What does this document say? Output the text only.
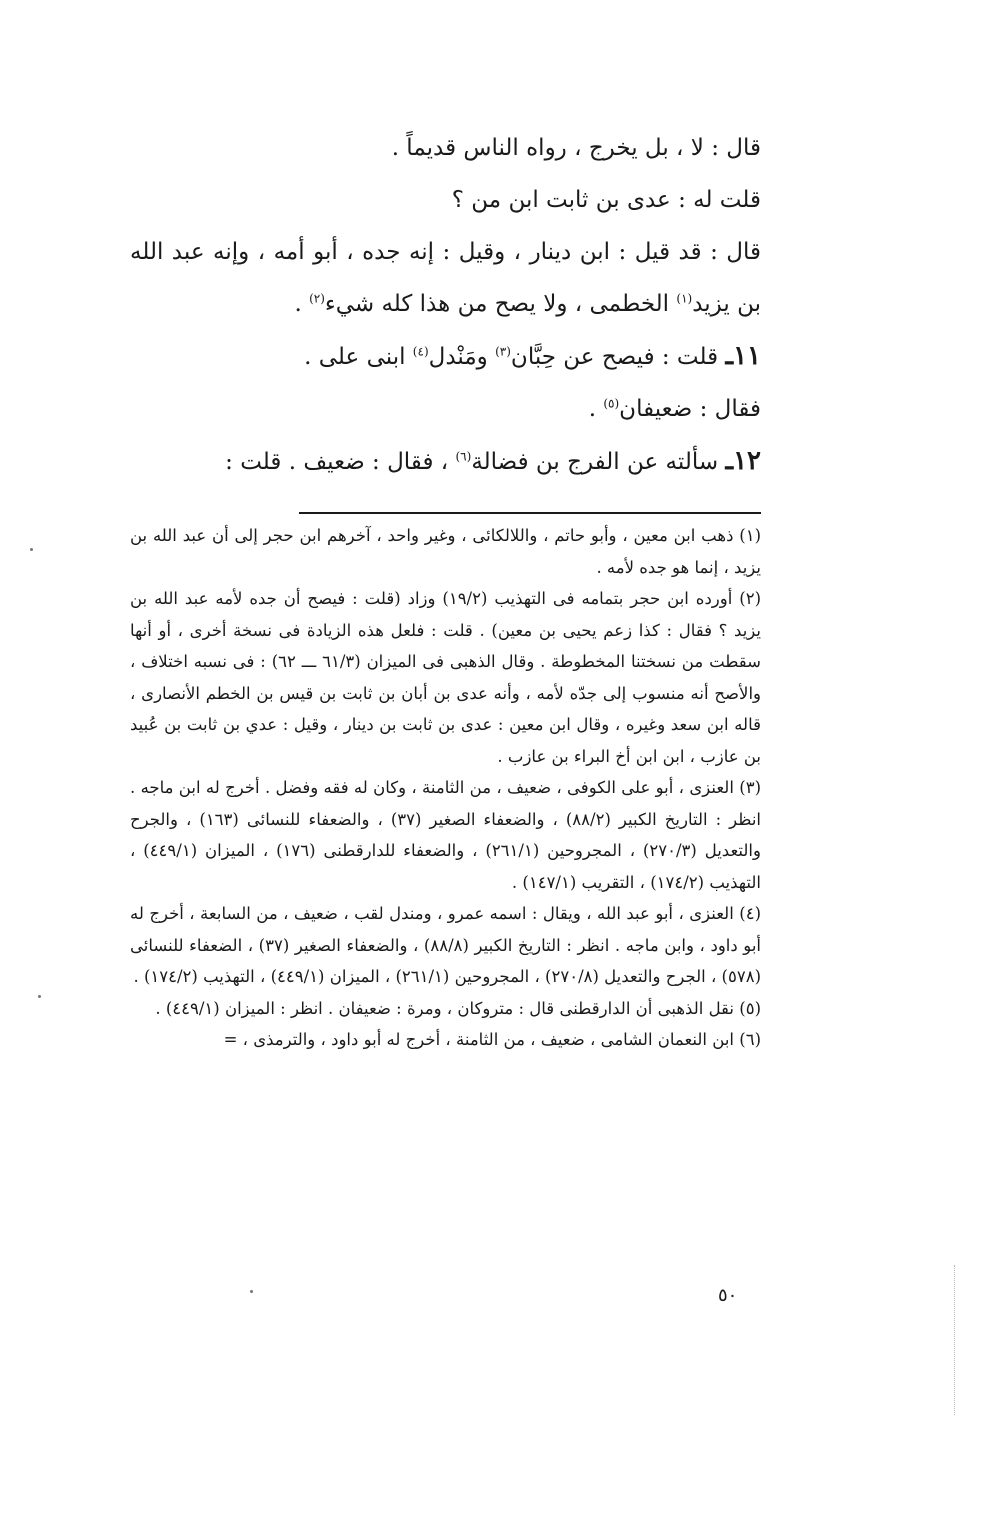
قال : لا ، بل يخرج ، رواه الناس قديماً .

قلت له : عدى بن ثابت ابن من ؟

قال : قد قيل : ابن دينار ، وقيل : إنه جده ، أبو أمه ، وإنه عبد الله بن يزيد$^{(١)}$ الخطمى ، ولا يصح من هذا كله شيء$^{(٢)}$ .

١١ـ قلت : فيصح عن حِبَّان$^{(٣)}$ ومَنْدل$^{(٤)}$ ابنى على .

فقال : ضعيفان$^{(٥)}$ .

١٢ـ سألته عن الفرج بن فضالة$^{(٦)}$ ، فقال : ضعيف . قلت :

(١) ذهب ابن معين ، وأبو حاتم ، واللالكائى ، وغير واحد ، آخرهم ابن حجر إلى أن عبد الله بن يزيد ، إنما هو جده لأمه .

(٢) أورده ابن حجر بتمامه فى التهذيب (١٩/٢) وزاد (قلت : فيصح أن جده لأمه عبد الله بن يزيد ؟ فقال : كذا زعم يحيى بن معين) . قلت : فلعل هذه الزيادة فى نسخة أخرى ، أو أنها سقطت من نسختنا المخطوطة . وقال الذهبى فى الميزان (٦١/٣ ـــ ٦٢) : فى نسبه اختلاف ، والأصح أنه منسوب إلى جدّه لأمه ، وأنه عدى بن أبان بن ثابت بن قيس بن الخطم الأنصارى ، قاله ابن سعد وغيره ، وقال ابن معين : عدى بن ثابت بن دينار ، وقيل : عدي بن ثابت بن عُبيد بن عازب ، ابن ابن أخ البراء بن عازب .

(٣) العنزى ، أبو على الكوفى ، ضعيف ، من الثامنة ، وكان له فقه وفضل . أخرج له ابن ماجه . انظر : التاريخ الكبير (٨٨/٢) ، والضعفاء الصغير (٣٧) ، والضعفاء للنسائى (١٦٣) ، والجرح والتعديل (٢٧٠/٣) ، المجروحين (٢٦١/١) ، والضعفاء للدارقطنى (١٧٦) ، الميزان (٤٤٩/١) ، التهذيب (١٧٤/٢) ، التقريب (١٤٧/١) .

(٤) العنزى ، أبو عبد الله ، ويقال : اسمه عمرو ، ومندل لقب ، ضعيف ، من السابعة ، أخرج له أبو داود ، وابن ماجه . انظر : التاريخ الكبير (٨٨/٨) ، والضعفاء الصغير (٣٧) ، الضعفاء للنسائى (٥٧٨) ، الجرح والتعديل (٢٧٠/٨) ، المجروحين (٢٦١/١) ، الميزان (٤٤٩/١) ، التهذيب (١٧٤/٢) .

(٥) نقل الذهبى أن الدارقطنى قال : متروكان ، ومرة : ضعيفان . انظر : الميزان (٤٤٩/١) .

(٦) ابن النعمان الشامى ، ضعيف ، من الثامنة ، أخرج له أبو داود ، والترمذى ، =

٥٠
